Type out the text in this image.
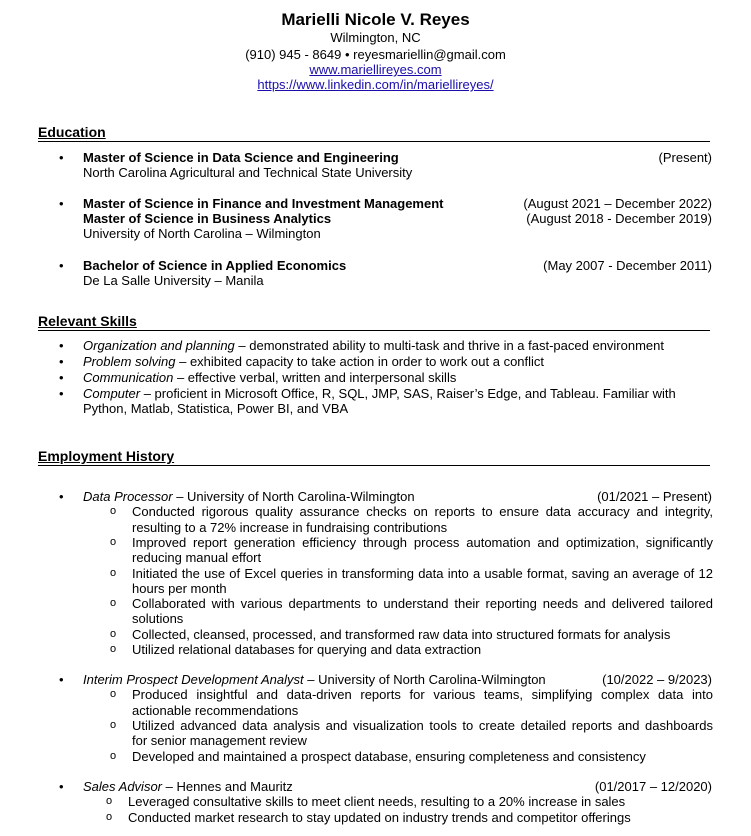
Marielli Nicole V. Reyes
Wilmington, NC
(910) 945 - 8649 • reyesmariellin@gmail.com
www.mariellireyes.com
https://www.linkedin.com/in/mariellireyes/
Education
• Master of Science in Data Science and Engineering	(Present)
North Carolina Agricultural and Technical State University
• Master of Science in Finance and Investment Management	(August 2021 – December 2022)
Master of Science in Business Analytics	(August 2018 - December 2019)
University of North Carolina – Wilmington
• Bachelor of Science in Applied Economics	(May 2007 - December 2011)
De La Salle University – Manila
Relevant Skills
• Organization and planning – demonstrated ability to multi-task and thrive in a fast-paced environment
• Problem solving – exhibited capacity to take action in order to work out a conflict
• Communication – effective verbal, written and interpersonal skills
• Computer – proficient in Microsoft Office, R, SQL, JMP, SAS, Raiser’s Edge, and Tableau. Familiar with
Python, Matlab, Statistica, Power BI, and VBA
Employment History
• Data Processor – University of North Carolina-Wilmington	(01/2021 – Present)
o Conducted rigorous quality assurance checks on reports to ensure data accuracy and integrity,
resulting to a 72% increase in fundraising contributions
o Improved report generation efficiency through process automation and optimization, significantly
reducing manual effort
o Initiated the use of Excel queries in transforming data into a usable format, saving an average of 12
hours per month
o Collaborated with various departments to understand their reporting needs and delivered tailored
solutions
o Collected, cleansed, processed, and transformed raw data into structured formats for analysis
o Utilized relational databases for querying and data extraction
• Interim Prospect Development Analyst – University of North Carolina-Wilmington	(10/2022 – 9/2023)
o Produced insightful and data-driven reports for various teams, simplifying complex data into
actionable recommendations
o Utilized advanced data analysis and visualization tools to create detailed reports and dashboards
for senior management review
o Developed and maintained a prospect database, ensuring completeness and consistency
• Sales Advisor – Hennes and Mauritz	(01/2017 – 12/2020)
o Leveraged consultative skills to meet client needs, resulting to a 20% increase in sales
o Conducted market research to stay updated on industry trends and competitor offerings
